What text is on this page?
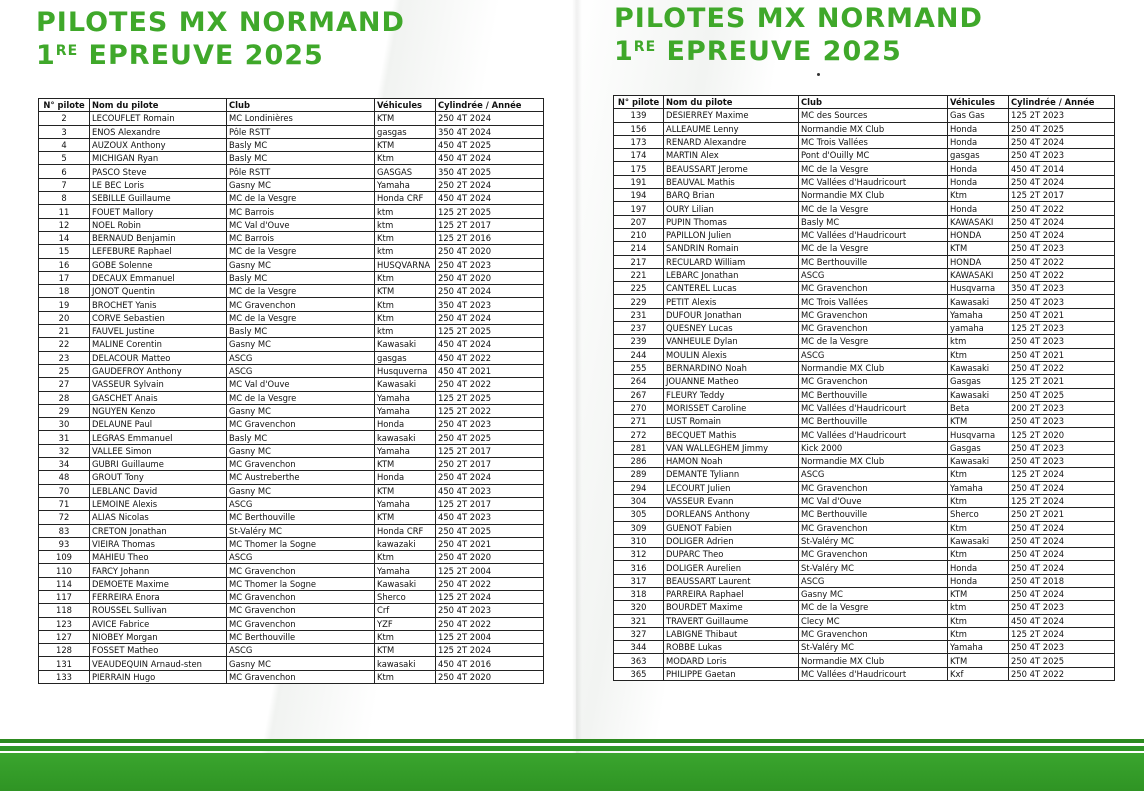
PILOTES MX NORMAND
1RE EPREUVE 2025
N° pilote	Nom du pilote	Club	Véhicules	Cylindrée / Année
2	LECOUFLET Romain	MC Londinières	KTM	250 4T 2024
3	ENOS Alexandre	Pôle RSTT	gasgas	350 4T 2024
4	AUZOUX Anthony	Basly MC	KTM	450 4T 2025
5	MICHIGAN Ryan	Basly MC	Ktm	450 4T 2024
6	PASCO Steve	Pôle RSTT	GASGAS	350 4T 2025
7	LE BEC Loris	Gasny MC	Yamaha	250 2T 2024
8	SEBILLE Guillaume	MC de la Vesgre	Honda CRF	450 4T 2024
11	FOUET Mallory	MC Barrois	ktm	125 2T 2025
12	NOEL Robin	MC Val d'Ouve	ktm	125 2T 2017
14	BERNAUD Benjamin	MC Barrois	Ktm	125 2T 2016
15	LEFEBURE Raphael	MC de la Vesgre	ktm	250 4T 2020
16	GOBE Solenne	Gasny MC	HUSQVARNA	250 4T 2023
17	DECAUX Emmanuel	Basly MC	Ktm	250 4T 2020
18	JONOT Quentin	MC de la Vesgre	KTM	250 4T 2024
19	BROCHET Yanis	MC Gravenchon	Ktm	350 4T 2023
20	CORVE Sebastien	MC de la Vesgre	Ktm	250 4T 2024
21	FAUVEL Justine	Basly MC	ktm	125 2T 2025
22	MALINE Corentin	Gasny MC	Kawasaki	450 4T 2024
23	DELACOUR Matteo	ASCG	gasgas	450 4T 2022
25	GAUDEFROY Anthony	ASCG	Husquverna	450 4T 2021
27	VASSEUR Sylvain	MC Val d'Ouve	Kawasaki	250 4T 2022
28	GASCHET Anais	MC de la Vesgre	Yamaha	125 2T 2025
29	NGUYEN Kenzo	Gasny MC	Yamaha	125 2T 2022
30	DELAUNE Paul	MC Gravenchon	Honda	250 4T 2023
31	LEGRAS Emmanuel	Basly MC	kawasaki	250 4T 2025
32	VALLEE Simon	Gasny MC	Yamaha	125 2T 2017
34	GUBRI Guillaume	MC Gravenchon	KTM	250 2T 2017
48	GROUT Tony	MC Austreberthe	Honda	250 4T 2024
70	LEBLANC David	Gasny MC	KTM	450 4T 2023
71	LEMOINE Alexis	ASCG	Yamaha	125 2T 2017
72	ALIAS Nicolas	MC Berthouville	KTM	450 4T 2023
83	CRETON Jonathan	St-Valéry MC	Honda CRF	250 4T 2025
93	VIEIRA Thomas	MC Thomer la Sogne	kawazaki	250 4T 2021
109	MAHIEU Theo	ASCG	Ktm	250 4T 2020
110	FARCY Johann	MC Gravenchon	Yamaha	125 2T 2004
114	DEMOETE Maxime	MC Thomer la Sogne	Kawasaki	250 4T 2022
117	FERREIRA Enora	MC Gravenchon	Sherco	125 2T 2024
118	ROUSSEL Sullivan	MC Gravenchon	Crf	250 4T 2023
123	AVICE Fabrice	MC Gravenchon	YZF	250 4T 2022
127	NIOBEY Morgan	MC Berthouville	Ktm	125 2T 2004
128	FOSSET Matheo	ASCG	KTM	125 2T 2024
131	VEAUDEQUIN Arnaud-sten	Gasny MC	kawasaki	450 4T 2016
133	PIERRAIN Hugo	MC Gravenchon	Ktm	250 4T 2020
PILOTES MX NORMAND
1RE EPREUVE 2025
N° pilote	Nom du pilote	Club	Véhicules	Cylindrée / Année
139	DESIERREY Maxime	MC des Sources	Gas Gas	125 2T 2023
156	ALLEAUME Lenny	Normandie MX Club	Honda	250 4T 2025
173	RENARD Alexandre	MC Trois Vallées	Honda	250 4T 2024
174	MARTIN Alex	Pont d'Ouilly MC	gasgas	250 4T 2023
175	BEAUSSART Jerome	MC de la Vesgre	Honda	450 4T 2014
191	BEAUVAL Mathis	MC Vallées d'Haudricourt	Honda	250 4T 2024
194	BARQ Brian	Normandie MX Club	Ktm	125 2T 2017
197	OURY Lilian	MC de la Vesgre	Honda	250 4T 2022
207	PUPIN Thomas	Basly MC	KAWASAKI	250 4T 2024
210	PAPILLON Julien	MC Vallées d'Haudricourt	HONDA	250 4T 2024
214	SANDRIN Romain	MC de la Vesgre	KTM	250 4T 2023
217	RECULARD William	MC Berthouville	HONDA	250 4T 2022
221	LEBARC Jonathan	ASCG	KAWASAKI	250 4T 2022
225	CANTEREL Lucas	MC Gravenchon	Husqvarna	350 4T 2023
229	PETIT Alexis	MC Trois Vallées	Kawasaki	250 4T 2023
231	DUFOUR Jonathan	MC Gravenchon	Yamaha	250 4T 2021
237	QUESNEY Lucas	MC Gravenchon	yamaha	125 2T 2023
239	VANHEULE Dylan	MC de la Vesgre	ktm	250 4T 2023
244	MOULIN Alexis	ASCG	Ktm	250 4T 2021
255	BERNARDINO Noah	Normandie MX Club	Kawasaki	250 4T 2022
264	JOUANNE Matheo	MC Gravenchon	Gasgas	125 2T 2021
267	FLEURY Teddy	MC Berthouville	Kawasaki	250 4T 2025
270	MORISSET Caroline	MC Vallées d'Haudricourt	Beta	200 2T 2023
271	LUST Romain	MC Berthouville	KTM	250 4T 2023
272	BECQUET Mathis	MC Vallées d'Haudricourt	Husqvarna	125 2T 2020
281	VAN WALLEGHEM Jimmy	Kick 2000	Gasgas	250 4T 2023
286	HAMON Noah	Normandie MX Club	Kawasaki	250 4T 2023
289	DEMANTE Tyliann	ASCG	Ktm	125 2T 2024
294	LECOURT Julien	MC Gravenchon	Yamaha	250 4T 2024
304	VASSEUR Evann	MC Val d'Ouve	Ktm	125 2T 2024
305	DORLEANS Anthony	MC Berthouville	Sherco	250 2T 2021
309	GUENOT Fabien	MC Gravenchon	Ktm	250 4T 2024
310	DOLIGER Adrien	St-Valéry MC	Kawasaki	250 4T 2024
312	DUPARC Theo	MC Gravenchon	Ktm	250 4T 2024
316	DOLIGER Aurelien	St-Valéry MC	Honda	250 4T 2024
317	BEAUSSART Laurent	ASCG	Honda	250 4T 2018
318	PARREIRA Raphael	Gasny MC	KTM	250 4T 2024
320	BOURDET Maxime	MC de la Vesgre	ktm	250 4T 2023
321	TRAVERT Guillaume	Clecy MC	Ktm	450 4T 2024
327	LABIGNE Thibaut	MC Gravenchon	Ktm	125 2T 2024
344	ROBBE Lukas	St-Valéry MC	Yamaha	250 4T 2023
363	MODARD Loris	Normandie MX Club	KTM	250 4T 2025
365	PHILIPPE Gaetan	MC Vallées d'Haudricourt	Kxf	250 4T 2022
